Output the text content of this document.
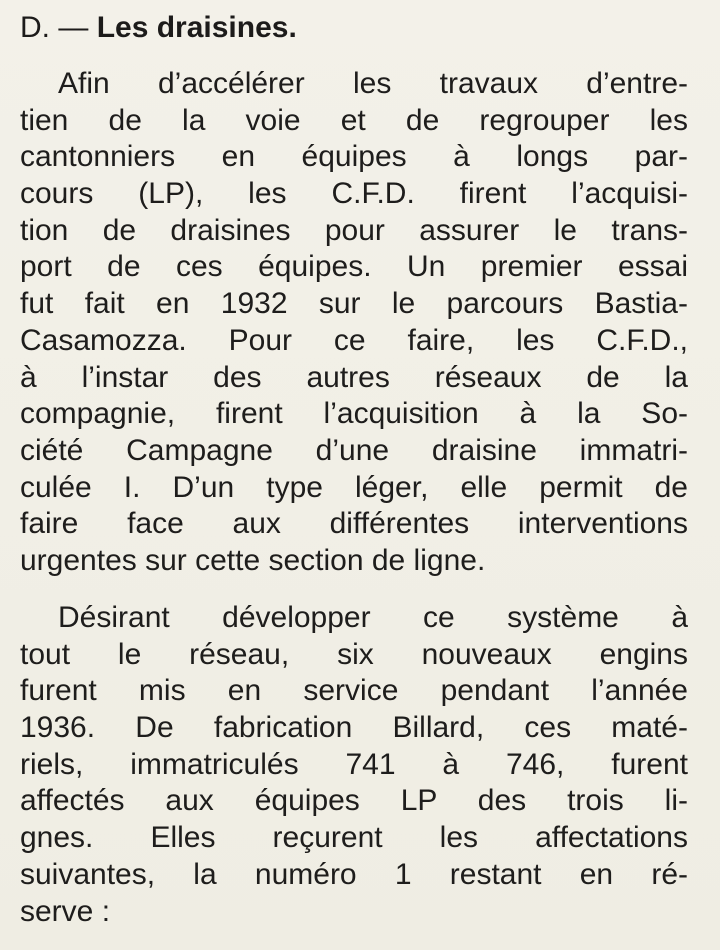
D. — Les draisines.
Afin d’accélérer les travaux d’entre-
tien de la voie et de regrouper les
cantonniers en équipes à longs par-
cours (LP), les C.F.D. firent l’acquisi-
tion de draisines pour assurer le trans-
port de ces équipes. Un premier essai
fut fait en 1932 sur le parcours Bastia-
Casamozza. Pour ce faire, les C.F.D.,
à l’instar des autres réseaux de la
compagnie, firent l’acquisition à la So-
ciété Campagne d’une draisine immatri-
culée I. D’un type léger, elle permit de
faire face aux différentes interventions
urgentes sur cette section de ligne.
Désirant développer ce système à
tout le réseau, six nouveaux engins
furent mis en service pendant l’année
1936. De fabrication Billard, ces maté-
riels, immatriculés 741 à 746, furent
affectés aux équipes LP des trois li-
gnes. Elles reçurent les affectations
suivantes, la numéro 1 restant en ré-
serve :
